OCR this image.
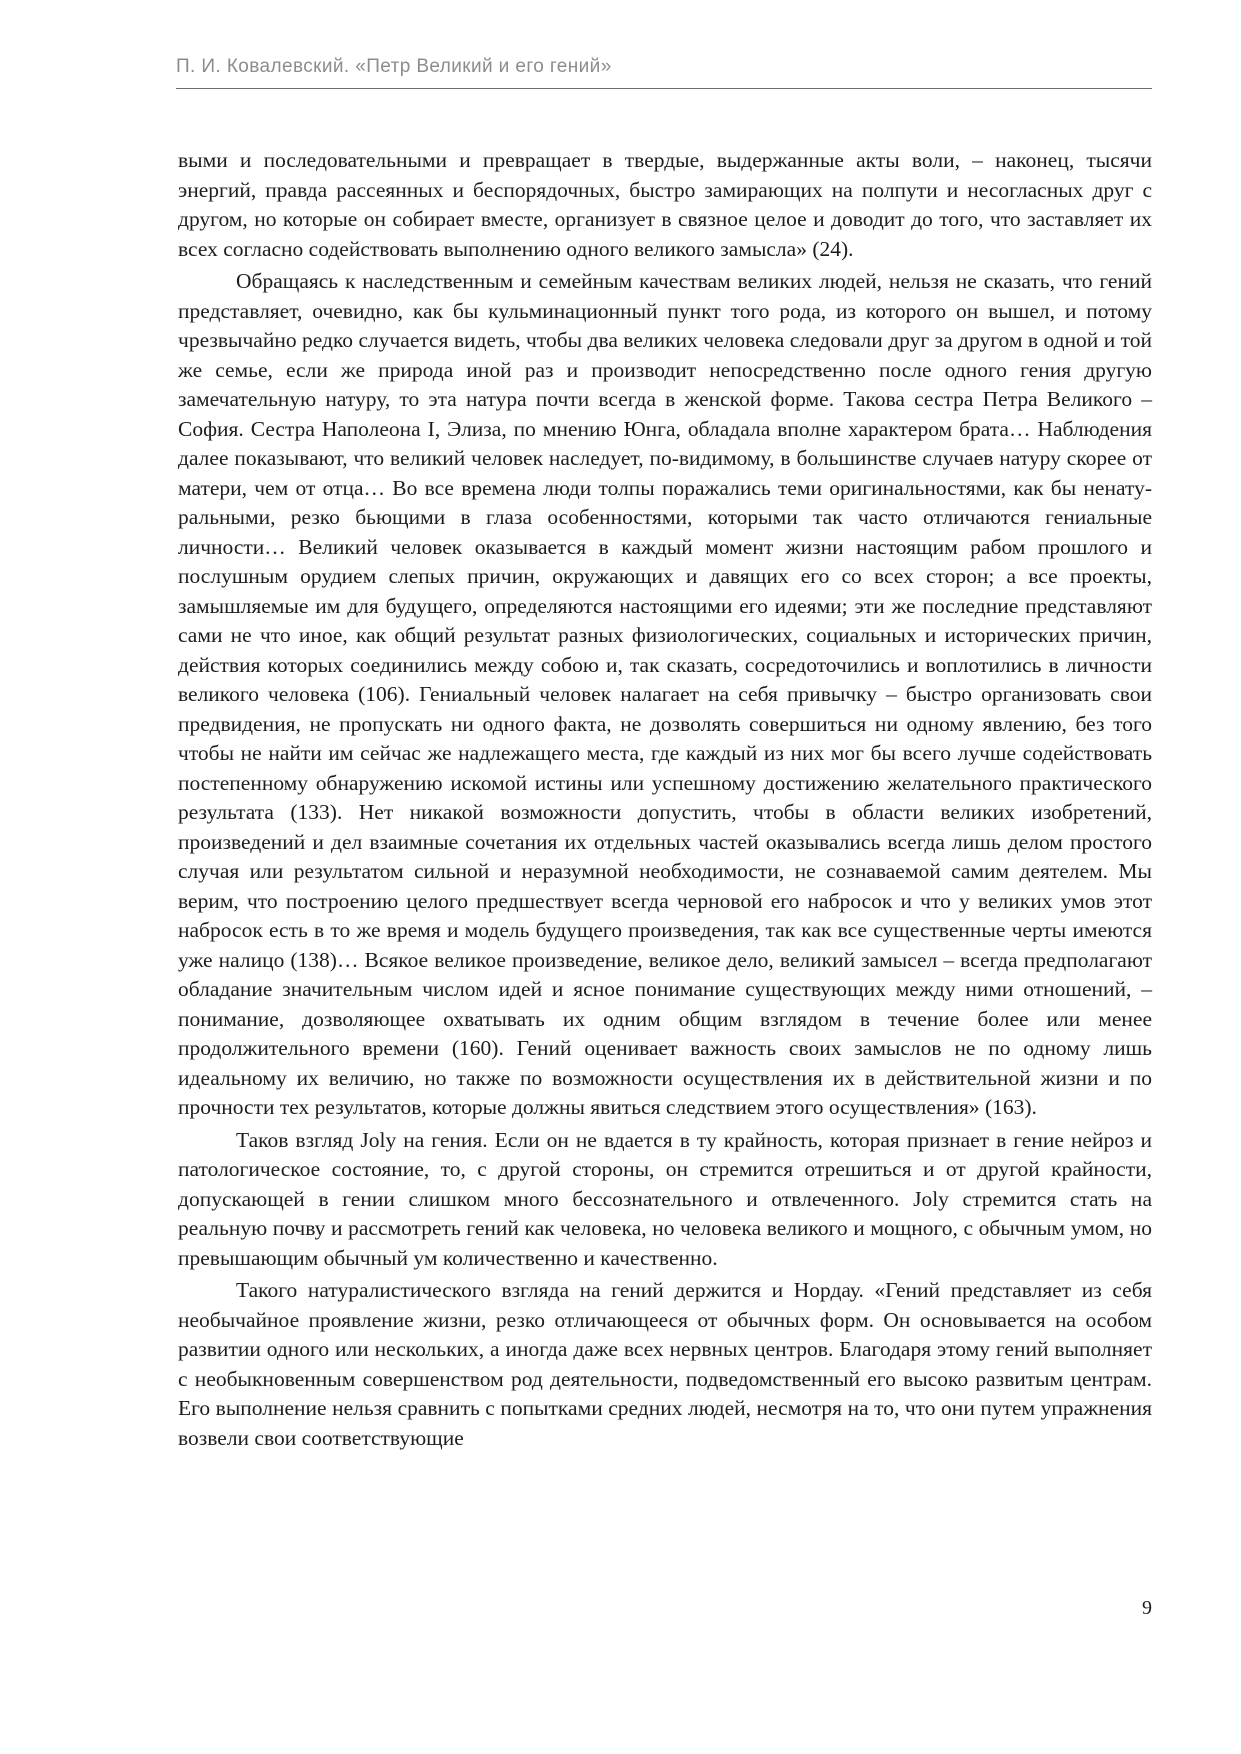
П. И. Ковалевский. «Петр Великий и его гений»

выми и последовательными и превращает в твердые, выдержанные акты воли, – наконец, тысячи энергий, правда рассеянных и беспорядочных, быстро замирающих на полпути и несогласных друг с другом, но которые он собирает вместе, организует в связное целое и доводит до того, что заставляет их всех согласно содействовать выполнению одного великого замысла» (24).

Обращаясь к наследственным и семейным качествам великих людей, нельзя не сказать, что гений представляет, очевидно, как бы кульминационный пункт того рода, из которого он вышел, и потому чрезвычайно редко случается видеть, чтобы два великих человека следовали друг за другом в одной и той же семье, если же природа иной раз и производит непосредственно после одного гения другую замечательную натуру, то эта натура почти всегда в женской форме. Такова сестра Петра Великого – София. Сестра Наполеона I, Элиза, по мнению Юнга, обладала вполне характером брата… Наблюдения далее показывают, что великий человек наследует, по-видимому, в большинстве случаев натуру скорее от матери, чем от отца… Во все времена люди толпы поражались теми оригинальностями, как бы ненатуральными, резко бьющими в глаза особенностями, которыми так часто отличаются гениальные личности… Великий человек оказывается в каждый момент жизни настоящим рабом прошлого и послушным орудием слепых причин, окружающих и давящих его со всех сторон; а все проекты, замышляемые им для будущего, определяются настоящими его идеями; эти же последние представляют сами не что иное, как общий результат разных физиологических, социальных и исторических причин, действия которых соединились между собою и, так сказать, сосредоточились и воплотились в личности великого человека (106). Гениальный человек налагает на себя привычку – быстро организовать свои предвидения, не пропускать ни одного факта, не дозволять совершиться ни одному явлению, без того чтобы не найти им сейчас же надлежащего места, где каждый из них мог бы всего лучше содействовать постепенному обнаружению искомой истины или успешному достижению желательного практического результата (133). Нет никакой возможности допустить, чтобы в области великих изобретений, произведений и дел взаимные сочетания их отдельных частей оказывались всегда лишь делом простого случая или результатом сильной и неразумной необходимости, не сознаваемой самим деятелем. Мы верим, что построению целого предшествует всегда черновой его набросок и что у великих умов этот набросок есть в то же время и модель будущего произведения, так как все существенные черты имеются уже налицо (138)… Всякое великое произведение, великое дело, великий замысел – всегда предполагают обладание значительным числом идей и ясное понимание существующих между ними отношений, – понимание, дозволяющее охватывать их одним общим взглядом в течение более или менее продолжительного времени (160). Гений оценивает важность своих замыслов не по одному лишь идеальному их величию, но также по возможности осуществления их в действительной жизни и по прочности тех результатов, которые должны явиться следствием этого осуществления» (163).

Таков взгляд Joly на гения. Если он не вдается в ту крайность, которая признает в гение нейроз и патологическое состояние, то, с другой стороны, он стремится отрешиться и от другой крайности, допускающей в гении слишком много бессознательного и отвлеченного. Joly стремится стать на реальную почву и рассмотреть гений как человека, но человека великого и мощного, с обычным умом, но превышающим обычный ум количественно и качественно.

Такого натуралистического взгляда на гений держится и Нордау. «Гений представляет из себя необычайное проявление жизни, резко отличающееся от обычных форм. Он основывается на особом развитии одного или нескольких, а иногда даже всех нервных центров. Благодаря этому гений выполняет с необыкновенным совершенством род деятельности, подведомственный его высоко развитым центрам. Его выполнение нельзя сравнить с попытками средних людей, несмотря на то, что они путем упражнения возвели свои соответствующие

9
